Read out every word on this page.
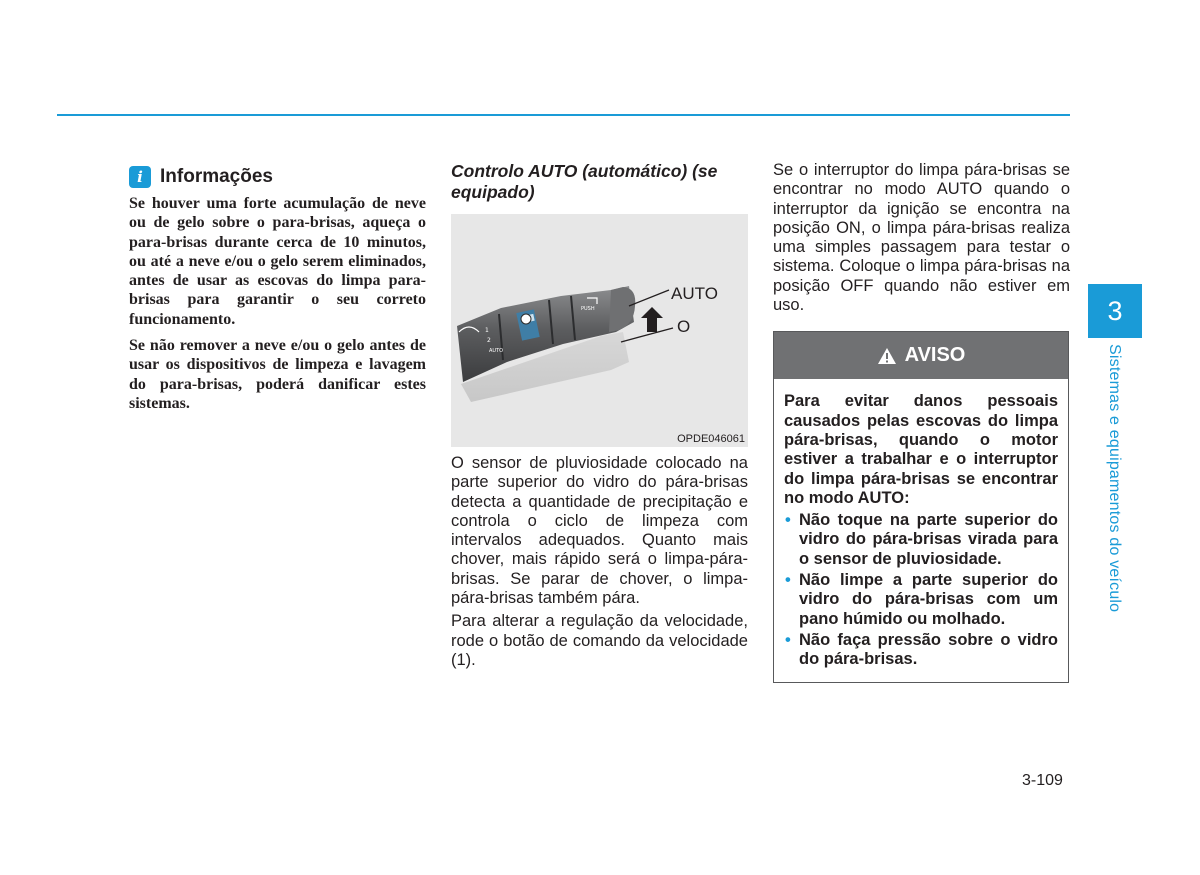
i Informações

Se houver uma forte acumulação de neve ou de gelo sobre o para-brisas, aqueça o para-brisas durante cerca de 10 minutos, ou até a neve e/ou o gelo serem eliminados, antes de usar as escovas do limpa para-brisas para garantir o seu correto funcionamento.

Se não remover a neve e/ou o gelo antes de usar os dispositivos de limpeza e lavagem do para-brisas, poderá danificar estes sistemas.

Controlo AUTO (automático) (se equipado)
1
2
AUTO
PUSH
AUTO
O
OPDE046061

O sensor de pluviosidade colocado na parte superior do vidro do pára-brisas detecta a quantidade de precipitação e controla o ciclo de limpeza com intervalos adequados. Quanto mais chover, mais rápido será o limpa-pára-brisas. Se parar de chover, o limpa-pára-brisas também pára.

Para alterar a regulação da velocidade, rode o botão de comando da velocidade (1).

Se o interruptor do limpa pára-brisas se encontrar no modo AUTO quando o interruptor da ignição se encontra na posição ON, o limpa pára-brisas realiza uma simples passagem para testar o sistema. Coloque o limpa pára-brisas na posição OFF quando não estiver em uso.

AVISO

Para evitar danos pessoais causados pelas escovas do limpa pára-brisas, quando o motor estiver a trabalhar e o interruptor do limpa pára-brisas se encontrar no modo AUTO:

• Não toque na parte superior do vidro do pára-brisas virada para o sensor de pluviosidade.
• Não limpe a parte superior do vidro do pára-brisas com um pano húmido ou molhado.
• Não faça pressão sobre o vidro do pára-brisas.
3
Sistemas e equipamentos do veículo
3-109
